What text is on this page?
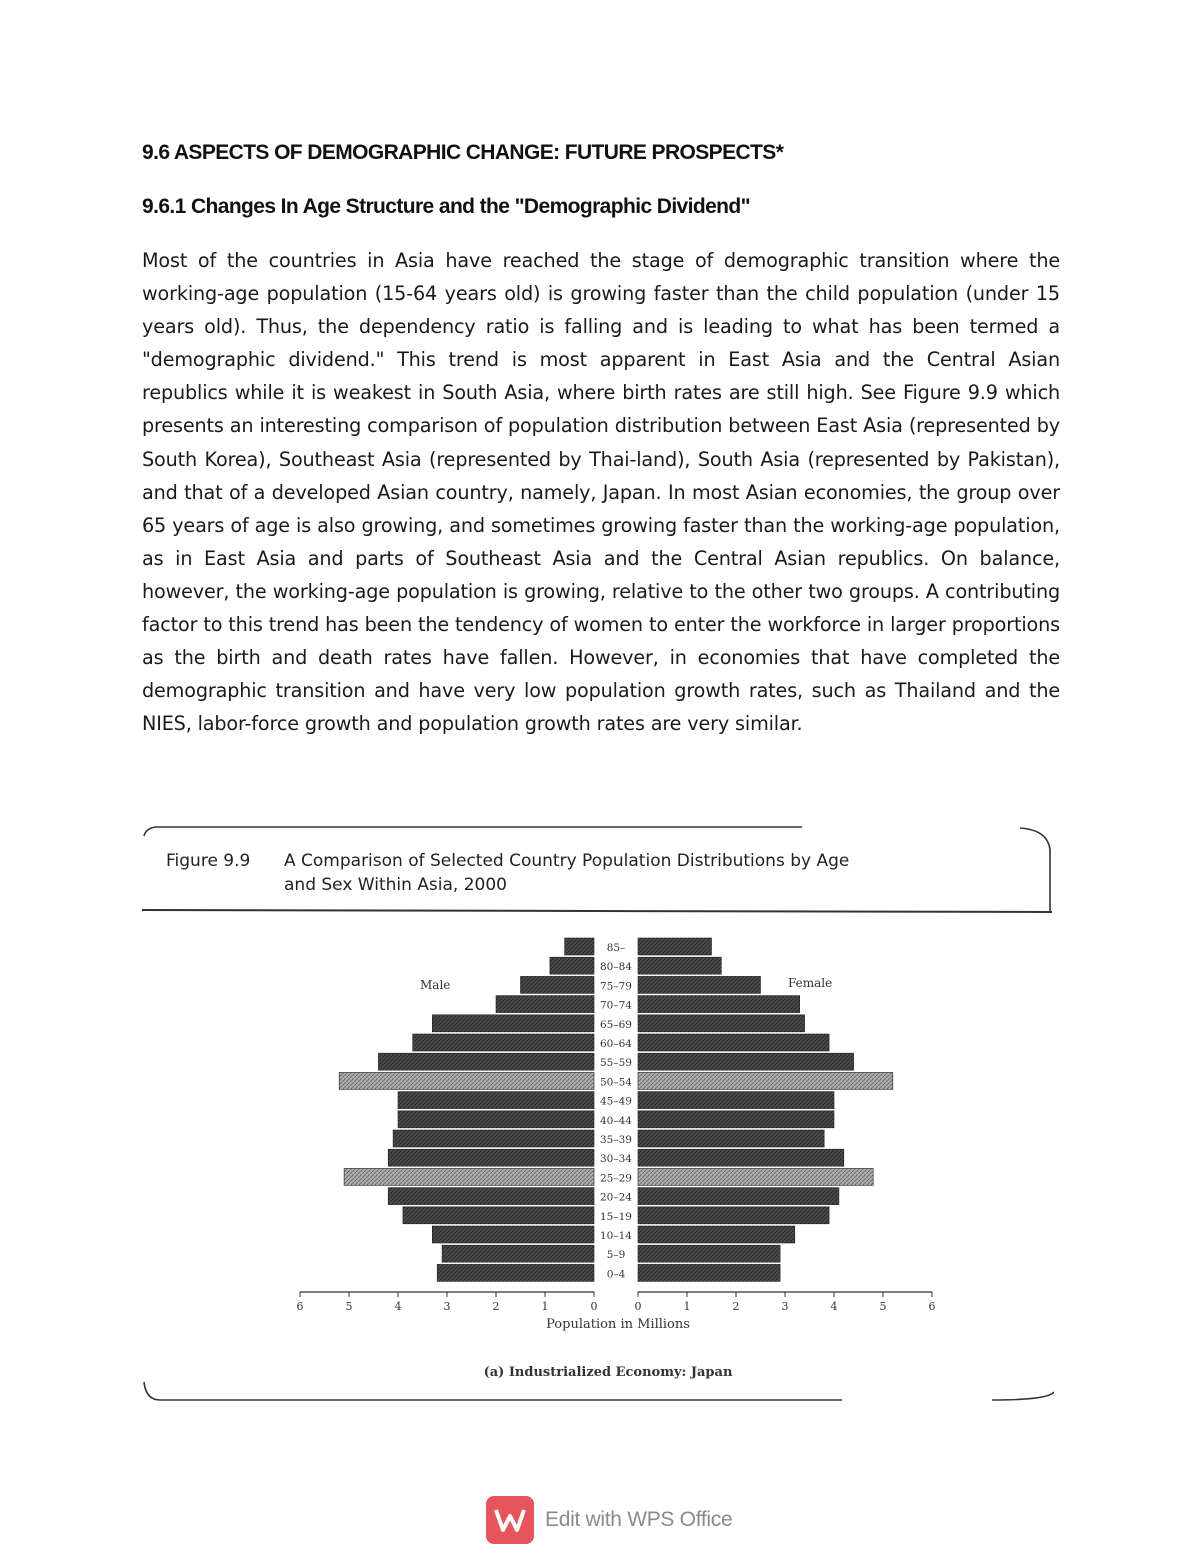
9.6 ASPECTS OF DEMOGRAPHIC CHANGE: FUTURE PROSPECTS*
9.6.1 Changes In Age Structure and the "Demographic Dividend"
Most of the countries in Asia have reached the stage of demographic transition where the working-age population (15-64 years old) is growing faster than the child population (under 15 years old). Thus, the dependency ratio is falling and is leading to what has been termed a "demographic dividend." This trend is most apparent in East Asia and the Central Asian republics while it is weakest in South Asia, where birth rates are still high. See Figure 9.9 which presents an interesting comparison of population distribution between East Asia (represented by South Korea), Southeast Asia (represented by Thai-land), South Asia (represented by Pakistan), and that of a developed Asian country, namely, Japan. In most Asian economies, the group over 65 years of age is also growing, and sometimes growing faster than the working-age population, as in East Asia and parts of Southeast Asia and the Central Asian republics. On balance, however, the working-age population is growing, relative to the other two groups. A contributing factor to this trend has been the tendency of women to enter the workforce in larger proportions as the birth and death rates have fallen. However, in economies that have completed the demographic transition and have very low population growth rates, such as Thailand and the NIES, labor-force growth and population growth rates are very similar.
Figure 9.9 A Comparison of Selected Country Population Distributions by Age
and Sex Within Asia, 2000
Male	Female
85–
80–84
75–79
70–74
65–69
60–64
55–59
50–54
45–49
40–44
35–39
30–34
25–29
20–24
15–19
10–14
5–9
0–4
6	5	4	3	2	1	0	0	1	2	3	4	5	6
Population in Millions
(a) Industrialized Economy: Japan
Edit with WPS Office
